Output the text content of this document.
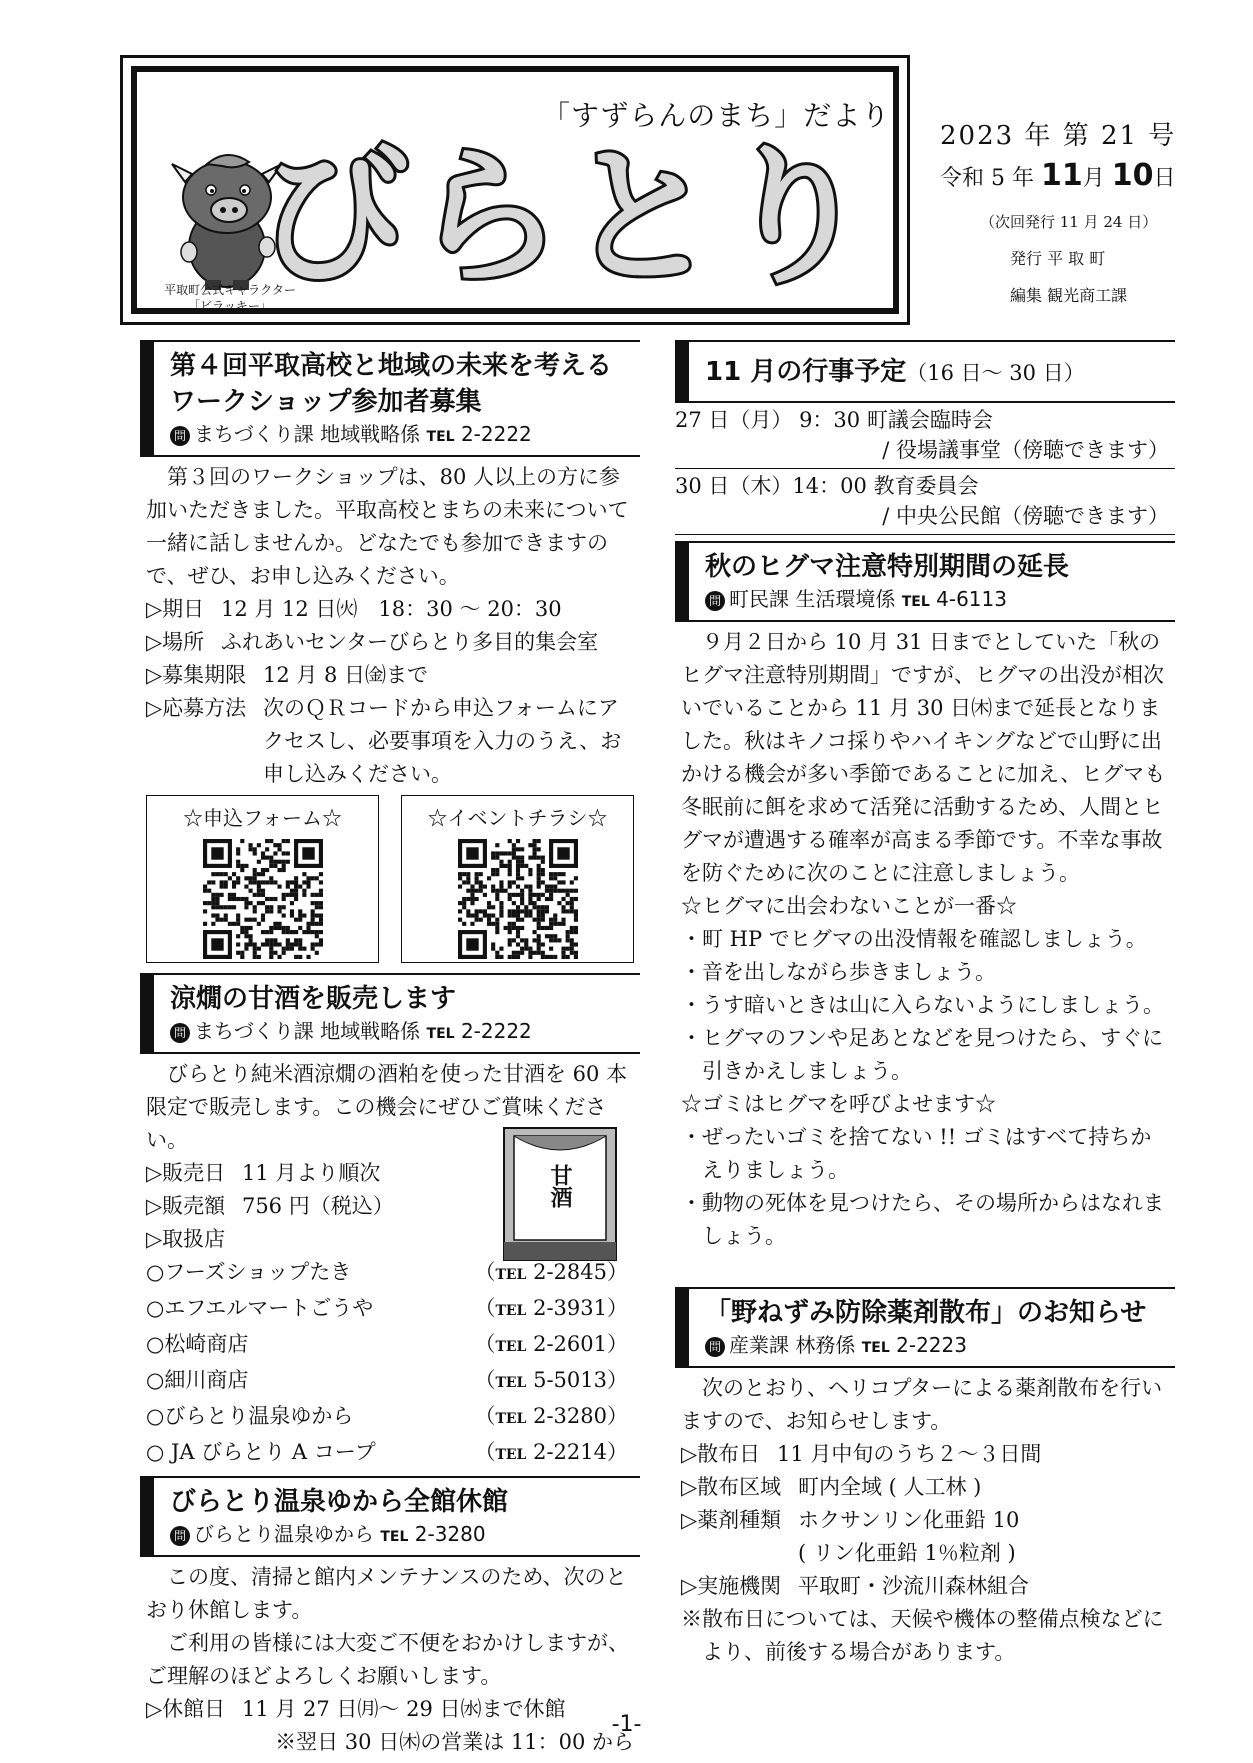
平取町公式キャラクター
「ビラッキー」
「すずらんのまち」だより
びらとり 2023 年 第 21 号
令和 5 年 11月 10日
（次回発行 11 月 24 日）
発行 平 取 町
編集 観光商工課
第４回平取高校と地域の未来を考えるワークショップ参加者募集
問 まちづくり課 地域戦略係 TEL 2-2222
第３回のワークショップは、80 人以上の方に参加いただきました。平取高校とまちの未来について一緒に話しませんか。どなたでも参加できますので、ぜひ、お申し込みください。
▷期日 12 月 12 日㈫　18：30 ～ 20：30
▷場所 ふれあいセンターびらとり多目的集会室
▷募集期限 12 月 8 日㈮まで
▷応募方法 次のＱＲコードから申込フォームにアクセスし、必要事項を入力のうえ、お申し込みください。
☆申込フォーム☆	☆イベントチラシ☆
涼燗の甘酒を販売します
問 まちづくり課 地域戦略係 TEL 2-2222
びらとり純米酒涼燗の酒粕を使った甘酒を 60 本限定で販売します。この機会にぜひご賞味ください。
甘酒
▷販売日 11 月より順次
▷販売額 756 円（税込）
▷取扱店
○フーズショップたき	（TEL 2-2845）
○エフエルマートごうや	（TEL 2-3931）
○松崎商店	（TEL 2-2601）
○細川商店	（TEL 5-5013）
○びらとり温泉ゆから	（TEL 2-3280）
○ JA びらとり A コープ	（TEL 2-2214）
びらとり温泉ゆから全館休館
問 びらとり温泉ゆから TEL 2-3280
この度、清掃と館内メンテナンスのため、次のとおり休館します。
ご利用の皆様には大変ご不便をおかけしますが、ご理解のほどよろしくお願いします。
▷休館日 11 月 27 日㈪～ 29 日㈬まで休館
※翌日 30 日㈭の営業は 11：00 から
11 月の行事予定（16 日～ 30 日）
27 日（月） 9：30 町議会臨時会
/ 役場議事堂（傍聴できます）
30 日（木）14：00 教育委員会
/ 中央公民館（傍聴できます）
秋のヒグマ注意特別期間の延長
問 町民課 生活環境係 TEL 4-6113
９月２日から 10 月 31 日までとしていた「秋のヒグマ注意特別期間」ですが、ヒグマの出没が相次いでいることから 11 月 30 日㈭まで延長となりました。秋はキノコ採りやハイキングなどで山野に出かける機会が多い季節であることに加え、ヒグマも冬眠前に餌を求めて活発に活動するため、人間とヒグマが遭遇する確率が高まる季節です。不幸な事故を防ぐために次のことに注意しましょう。
☆ヒグマに出会わないことが一番☆
・町 HP でヒグマの出没情報を確認しましょう。
・音を出しながら歩きましょう。
・うす暗いときは山に入らないようにしましょう。
・ヒグマのフンや足あとなどを見つけたら、すぐに引きかえしましょう。
☆ゴミはヒグマを呼びよせます☆
・ぜったいゴミを捨てない !! ゴミはすべて持ちかえりましょう。
・動物の死体を見つけたら、その場所からはなれましょう。
「野ねずみ防除薬剤散布」のお知らせ
問 産業課 林務係 TEL 2-2223
次のとおり、ヘリコプターによる薬剤散布を行いますので、お知らせします。
▷散布日 11 月中旬のうち２～３日間
▷散布区域 町内全域 ( 人工林 )
▷薬剤種類 ホクサンリン化亜鉛 10
( リン化亜鉛 1％粒剤 )
▷実施機関 平取町・沙流川森林組合
※散布日については、天候や機体の整備点検などにより、前後する場合があります。
-1-
